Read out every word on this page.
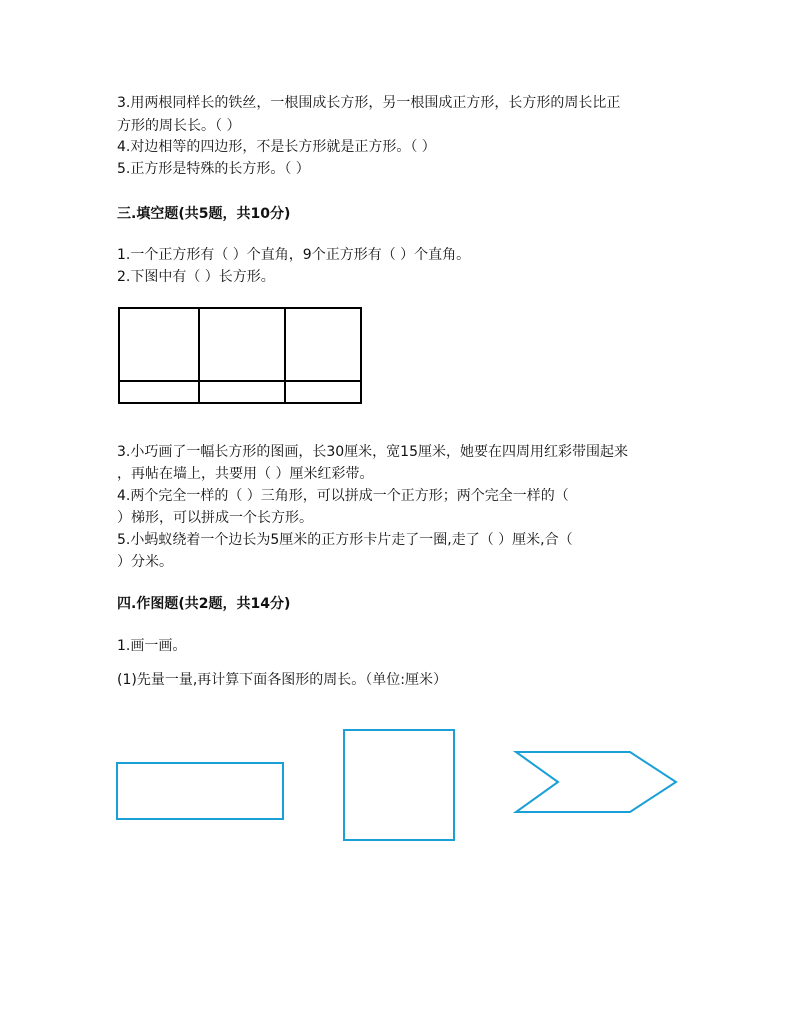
3.用两根同样长的铁丝，一根围成长方形，另一根围成正方形，长方形的周长比正
方形的周长长。（ ）
4.对边相等的四边形，不是长方形就是正方形。（ ）
5.正方形是特殊的长方形。（ ）
三.填空题(共5题，共10分)
1.一个正方形有（ ）个直角，9个正方形有（ ）个直角。
2.下图中有（ ）长方形。
3.小巧画了一幅长方形的图画，长30厘米，宽15厘米，她要在四周用红彩带围起来
，再帖在墙上，共要用（ ）厘米红彩带。
4.两个完全一样的（ ）三角形，可以拼成一个正方形；两个完全一样的（
）梯形，可以拼成一个长方形。
5.小蚂蚁绕着一个边长为5厘米的正方形卡片走了一圈,走了（ ）厘米,合（
）分米。
四.作图题(共2题，共14分)
1.画一画。
(1)先量一量,再计算下面各图形的周长。（单位:厘米）
